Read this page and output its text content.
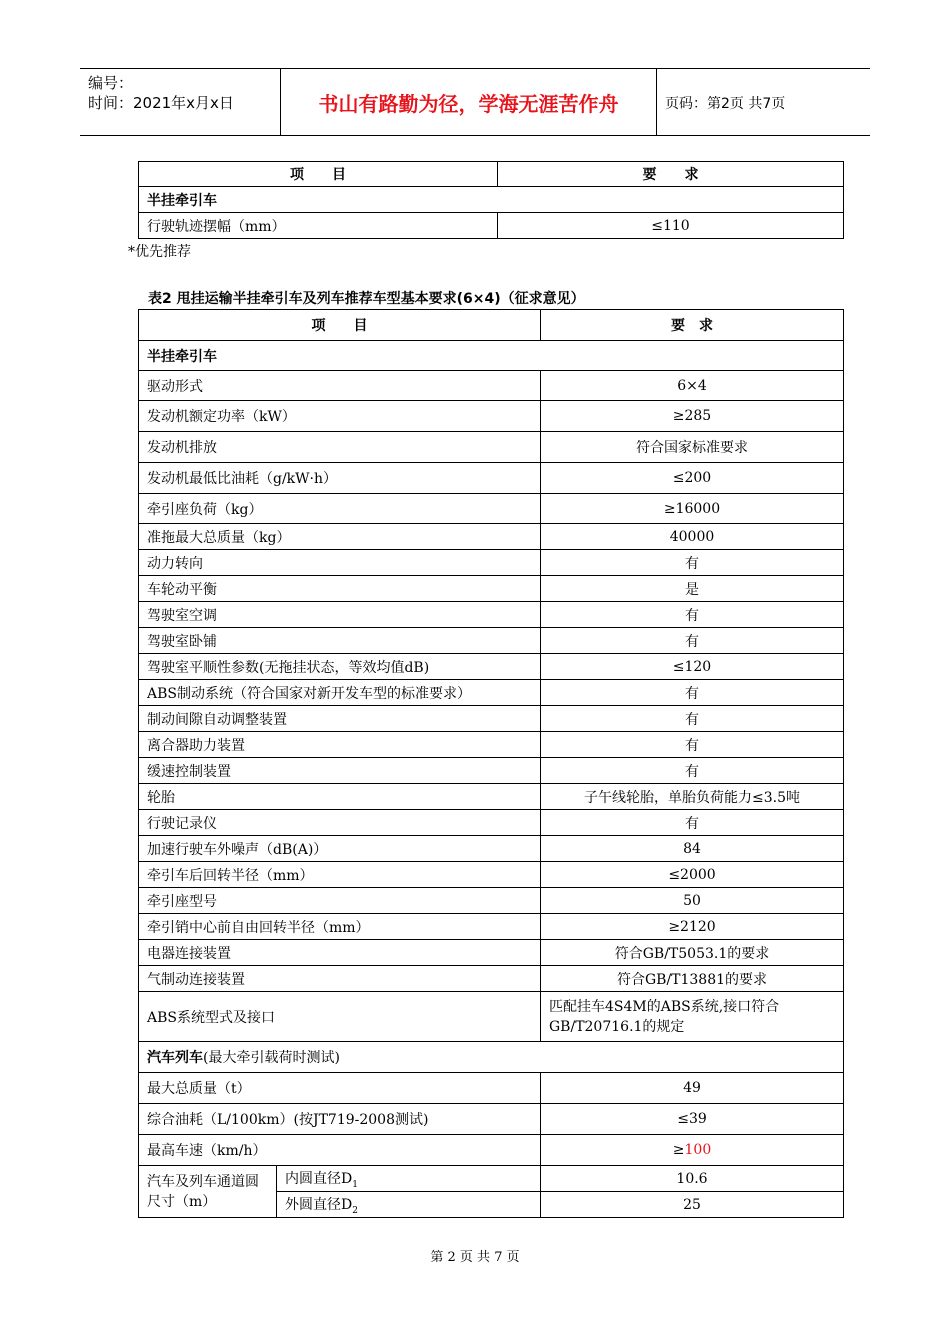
编号：
时间：2021年x月x日	书山有路勤为径，学海无涯苦作舟	页码：第2页 共7页
项　　目	要　　求
半挂牵引车	
行驶轨迹摆幅（mm）	≤110
*优先推荐
表2 甩挂运输半挂牵引车及列车推荐车型基本要求(6×4)（征求意见）
项　　目		要　求
半挂牵引车		
驱动形式		6×4
发动机额定功率（kW）		≥285
发动机排放		符合国家标准要求
发动机最低比油耗（g/kW·h）		≤200
牵引座负荷（kg）		≥16000
准拖最大总质量（kg）		40000
动力转向		有
车轮动平衡		是
驾驶室空调		有
驾驶室卧铺		有
驾驶室平顺性参数(无拖挂状态，等效均值dB)		≤120
ABS制动系统（符合国家对新开发车型的标准要求）		有
制动间隙自动调整装置		有
离合器助力装置		有
缓速控制装置		有
轮胎		子午线轮胎，单胎负荷能力≤3.5吨
行驶记录仪		有
加速行驶车外噪声（dB(A)）		84
牵引车后回转半径（mm）		≤2000
牵引座型号		50
牵引销中心前自由回转半径（mm）		≥2120
电器连接装置		符合GB/T5053.1的要求
气制动连接装置		符合GB/T13881的要求
ABS系统型式及接口		匹配挂车4S4M的ABS系统,接口符合GB/T20716.1的规定
汽车列车(最大牵引载荷时测试)		
最大总质量（t）		49
综合油耗（L/100km）(按JT719-2008测试)		≤39
最高车速（km/h）		≥100
汽车及列车通道圆尺寸（m）	内圆直径$D_1$	10.6
	外圆直径$D_2$	25
第 2 页 共 7 页
